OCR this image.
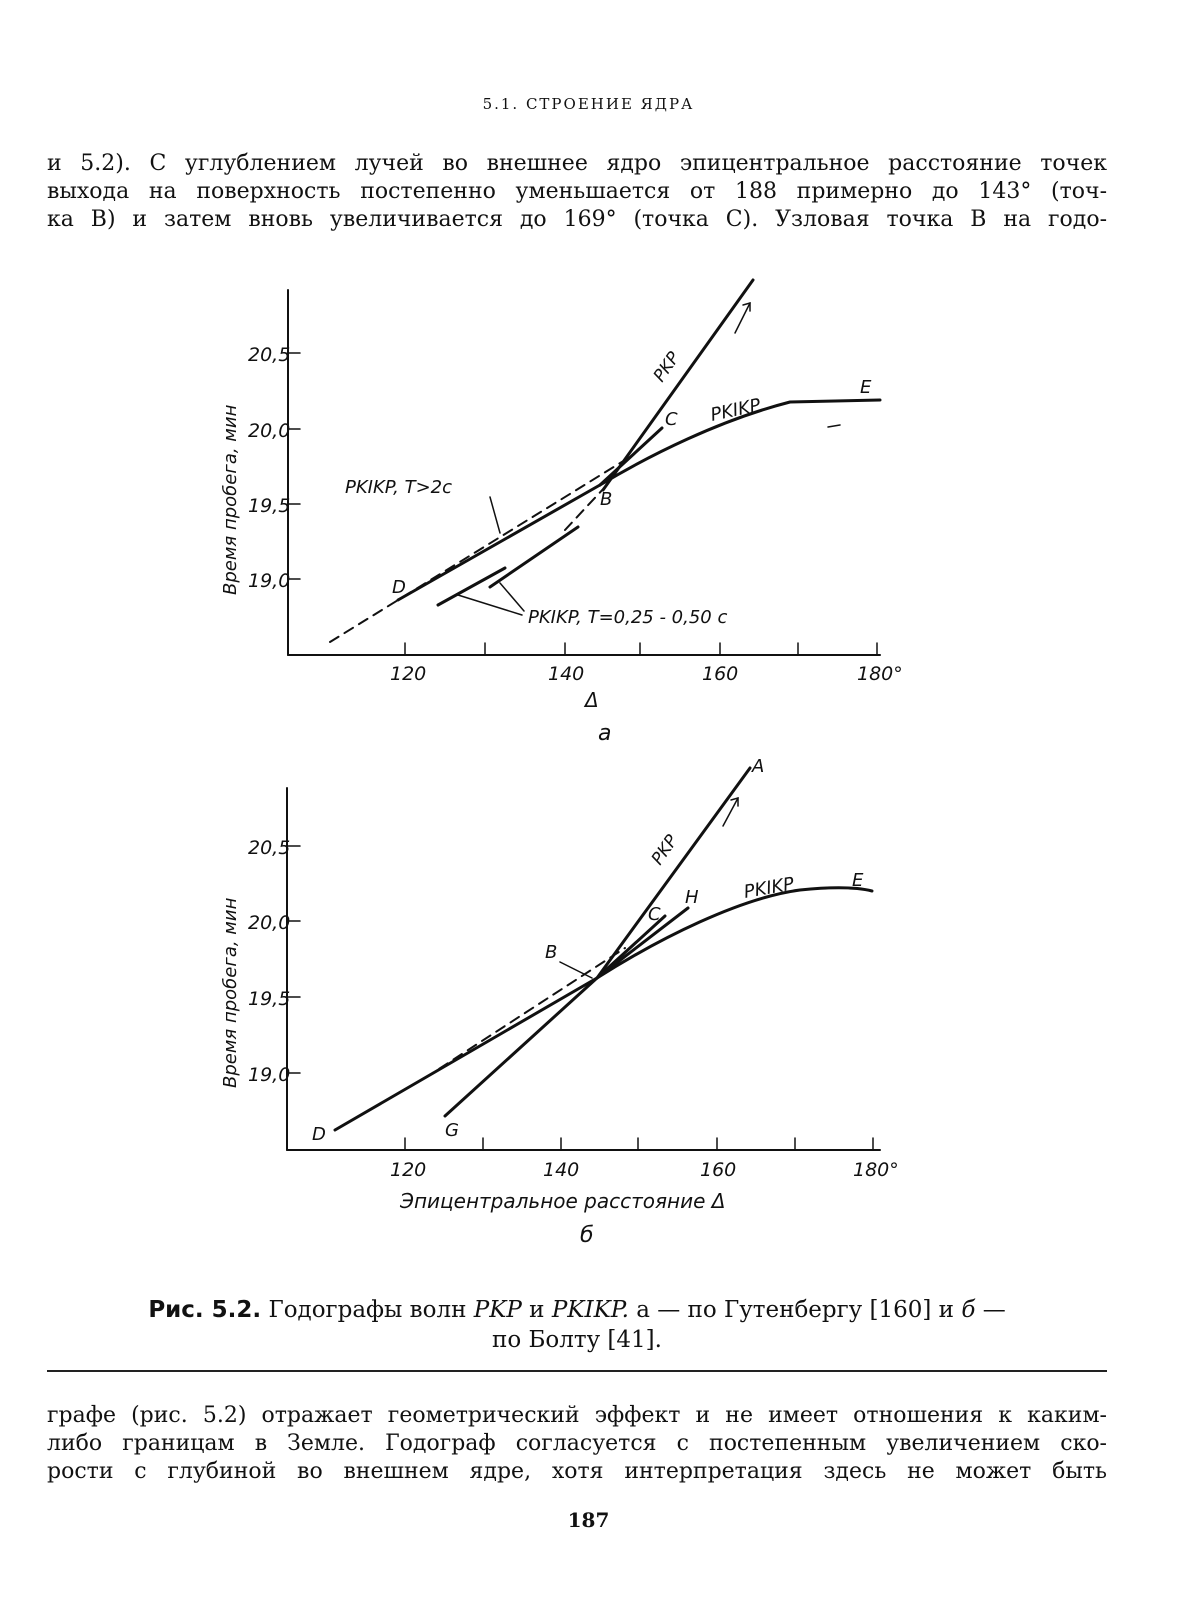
5.1. СТРОЕНИЕ ЯДРА
и 5.2). С углублением лучей во внешнее ядро эпицентральное расстояние точек
выхода на поверхность постепенно уменьшается от 188 примерно до 143° (точ-
ка B) и затем вновь увеличивается до 169° (точка C). Узловая точка B на годо-
20,5
20,0
19,5
19,0
120	140	160	180°
Время пробега, мин
Δ
а
PKP
PKIKP
C
B
D
E
PKIKP, T>2c
PKIKP, T=0,25 - 0,50 c
20,5
20,0
19,5
19,0
120	140	160	180°
Время пробега, мин
Эпицентральное расстояние Δ
б
A
PKP
H PKIKP	E
C
B
D	G
Рис. 5.2. Годографы волн PKP и PKIKP. а — по Гутенбергу [160] и б —
по Болту [41].
графе (рис. 5.2) отражает геометрический эффект и не имеет отношения к каким-
либо границам в Земле. Годограф согласуется с постепенным увеличением ско-
рости с глубиной во внешнем ядре, хотя интерпретация здесь не может быть
187
